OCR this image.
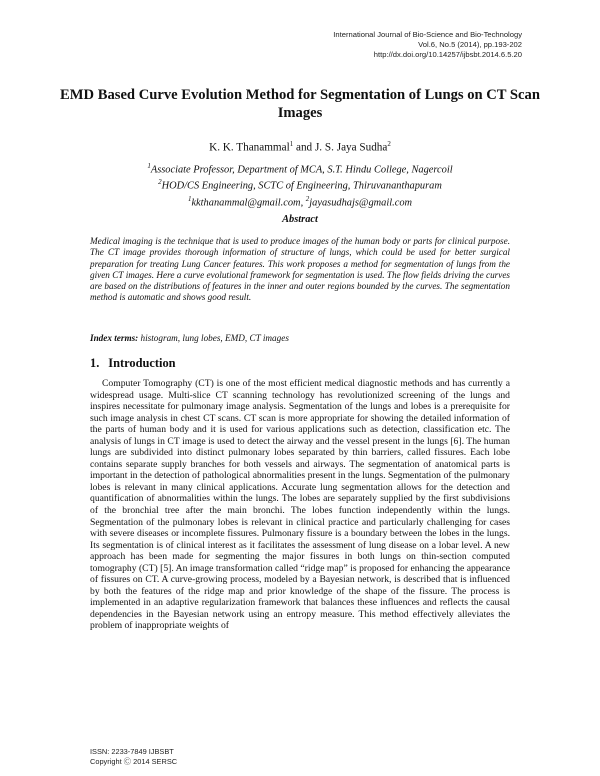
International Journal of Bio-Science and Bio-Technology
Vol.6, No.5 (2014), pp.193-202
http://dx.doi.org/10.14257/ijbsbt.2014.6.5.20
EMD Based Curve Evolution Method for Segmentation of Lungs on CT Scan Images
K. K. Thanammal$^1$ and J. S. Jaya Sudha$^2$
$^1$Associate Professor, Department of MCA, S.T. Hindu College, Nagercoil
$^2$HOD/CS Engineering, SCTC of Engineering, Thiruvananthapuram
$^1$kkthanammal@gmail.com, $^2$jayasudhajs@gmail.com
Abstract
Medical imaging is the technique that is used to produce images of the human body or parts for clinical purpose. The CT image provides thorough information of structure of lungs, which could be used for better surgical preparation for treating Lung Cancer features. This work proposes a method for segmentation of lungs from the given CT images. Here a curve evolutional framework for segmentation is used. The flow fields driving the curves are based on the distributions of features in the inner and outer regions bounded by the curves. The segmentation method is automatic and shows good result.
Index terms: histogram, lung lobes, EMD, CT images
1. Introduction
Computer Tomography (CT) is one of the most efficient medical diagnostic methods and has currently a widespread usage. Multi-slice CT scanning technology has revolutionized screening of the lungs and inspires necessitate for pulmonary image analysis. Segmentation of the lungs and lobes is a prerequisite for such image analysis in chest CT scans. CT scan is more appropriate for showing the detailed information of the parts of human body and it is used for various applications such as detection, classification etc. The analysis of lungs in CT image is used to detect the airway and the vessel present in the lungs [6]. The human lungs are subdivided into distinct pulmonary lobes separated by thin barriers, called fissures. Each lobe contains separate supply branches for both vessels and airways. The segmentation of anatomical parts is important in the detection of pathological abnormalities present in the lungs. Segmentation of the pulmonary lobes is relevant in many clinical applications. Accurate lung segmentation allows for the detection and quantification of abnormalities within the lungs. The lobes are separately supplied by the first subdivisions of the bronchial tree after the main bronchi. The lobes function independently within the lungs. Segmentation of the pulmonary lobes is relevant in clinical practice and particularly challenging for cases with severe diseases or incomplete fissures. Pulmonary fissure is a boundary between the lobes in the lungs. Its segmentation is of clinical interest as it facilitates the assessment of lung disease on a lobar level. A new approach has been made for segmenting the major fissures in both lungs on thin-section computed tomography (CT) [5]. An image transformation called “ridge map” is proposed for enhancing the appearance of fissures on CT. A curve-growing process, modeled by a Bayesian network, is described that is influenced by both the features of the ridge map and prior knowledge of the shape of the fissure. The process is implemented in an adaptive regularization framework that balances these influences and reflects the causal dependencies in the Bayesian network using an entropy measure. This method effectively alleviates the problem of inappropriate weights of
ISSN: 2233-7849 IJBSBT
Copyright Ⓒ 2014 SERSC
